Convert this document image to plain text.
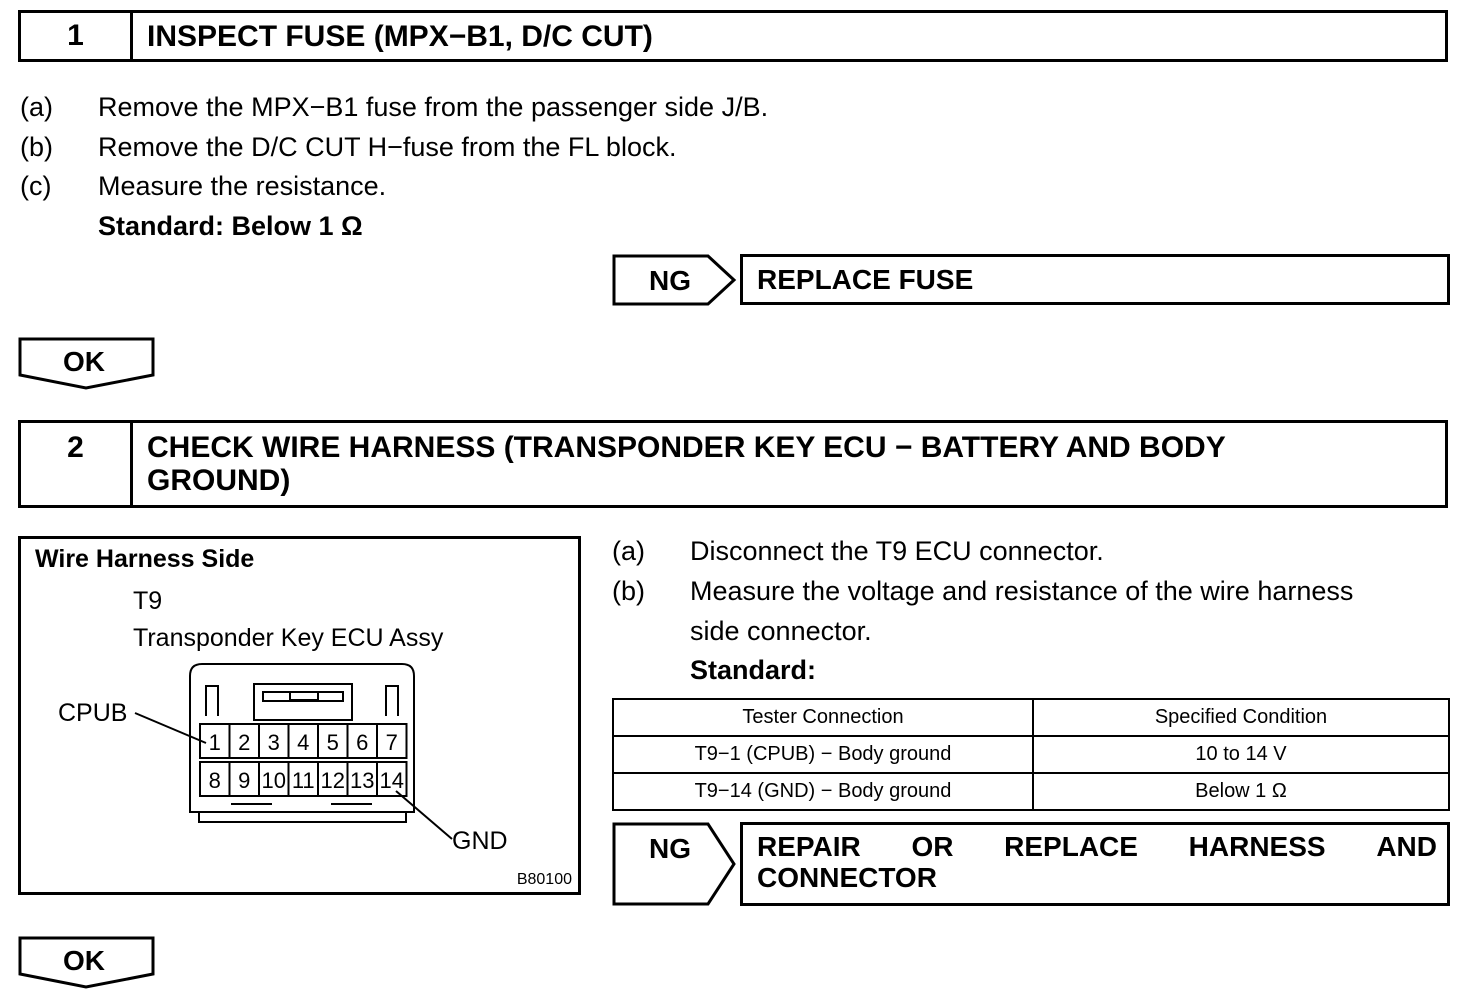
1	INSPECT FUSE (MPX−B1, D/C CUT)
(a) Remove the MPX−B1 fuse from the passenger side J/B.
(b) Remove the D/C CUT H−fuse from the FL block.
(c) Measure the resistance.
Standard: Below 1 Ω
NG	REPLACE FUSE
OK
2	CHECK WIRE HARNESS (TRANSPONDER KEY ECU − BATTERY AND BODY
GROUND)
Wire Harness Side
T9
Transponder Key ECU Assy
1 2 3 4 5 6 7
8 9 10 11 12 13 14
CPUB
GND
B80100
(a) Disconnect the T9 ECU connector.
(b) Measure the voltage and resistance of the wire harness
side connector.
Standard:
Tester Connection	Specified Condition
T9−1 (CPUB) − Body ground	10 to 14 V
T9−14 (GND) − Body ground	Below 1 Ω
NG REPAIR OR REPLACE HARNESS AND
CONNECTOR
OK
